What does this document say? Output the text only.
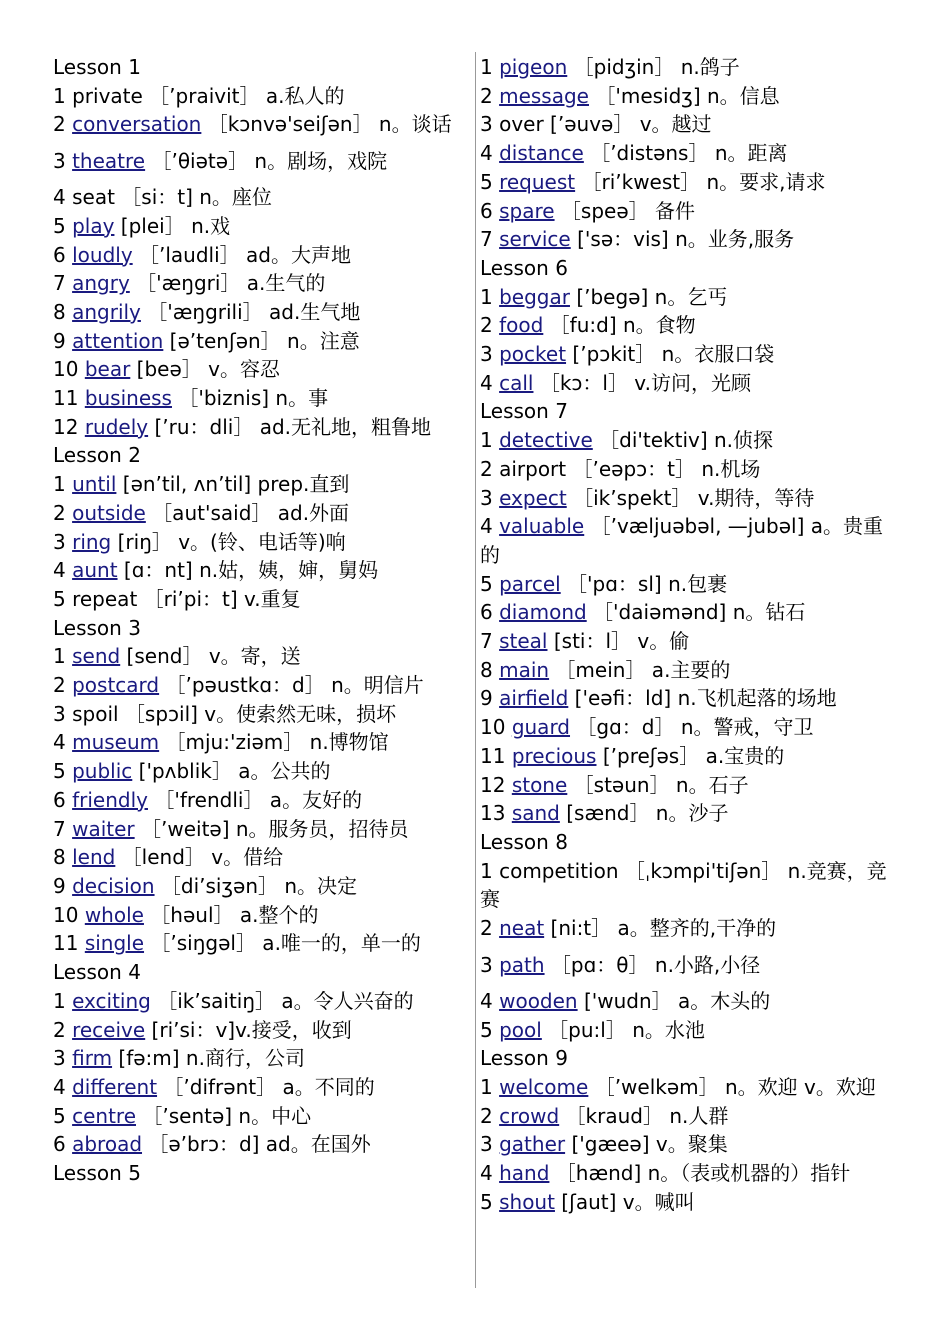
Lesson 1
1 private ［’praivit］ a.私人的
2 conversation ［kɔnvə'seiʃən］ n。谈话
3 theatre ［’θiətə］ n。剧场，戏院
4 seat ［si：t] n。座位
5 play [plei］ n.戏
6 loudly ［’laudli］ ad。大声地
7 angry ［'æŋgri］ a.生气的
8 angrily ［'æŋgrili］ ad.生气地
9 attention [ə’tenʃən］ n。注意
10 bear [beə］ v。容忍
11 business ［'biznis] n。事
12 rudely [’ru：dli］ ad.无礼地，粗鲁地
Lesson 2
1 until [ən’til, ʌn’til] prep.直到
2 outside ［aut'said］ ad.外面
3 ring [riŋ］ v。(铃、电话等)响
4 aunt [ɑ：nt] n.姑，姨，婶，舅妈
5 repeat ［ri’pi：t] v.重复
Lesson 3
1 send [send］ v。寄，送
2 postcard ［’pəustkɑ：d］ n。明信片
3 spoil ［spɔil] v。使索然无味，损坏
4 museum ［mju:'ziəm］ n.博物馆
5 public ['pʌblik］ a。公共的
6 friendly ［'frendli］ a。友好的
7 waiter ［’weitə] n。服务员，招待员
8 lend ［lend］ v。借给
9 decision ［di’siʒən］ n。决定
10 whole ［həul］ a.整个的
11 single ［’siŋgəl］ a.唯一的，单一的
Lesson 4
1 exciting ［ik’saitiŋ］ a。令人兴奋的
2 receive [ri’si：v]v.接受，收到
3 firm [fə:m] n.商行，公司
4 different ［’difrənt］ a。不同的
5 centre ［’sentə] n。中心
6 abroad ［ə’brɔ：d] ad。在国外
Lesson 5
1 pigeon ［pidʒin］ n.鸽子
2 message ［'mesidʒ] n。信息
3 over [’əuvə］ v。越过
4 distance ［’distəns］ n。距离
5 request ［ri’kwest］ n。要求,请求
6 spare ［speə］ 备件
7 service ['sə：vis] n。业务,服务
Lesson 6
1 beggar [’begə] n。乞丐
2 food ［fu:d] n。食物
3 pocket [’pɔkit］ n。衣服口袋
4 call ［kɔ：l］ v.访问，光顾
Lesson 7
1 detective ［di'tektiv] n.侦探
2 airport ［’eəpɔ：t］ n.机场
3 expect ［ik’spekt］ v.期待，等待
4 valuable ［’væljuəbəl, —jubəl] a。贵重的
5 parcel ［'pɑ：sl] n.包裹
6 diamond ［'daiəmənd] n。钻石
7 steal [sti：l］ v。偷
8 main ［mein］ a.主要的
9 airfield ['eəfi：ld] n.飞机起落的场地
10 guard ［gɑ：d］ n。警戒，守卫
11 precious [’preʃəs］ a.宝贵的
12 stone ［stəun］ n。石子
13 sand [sænd］ n。沙子
Lesson 8
1 competition ［ˌkɔmpi'tiʃən］ n.竞赛，竞赛
2 neat [ni:t］ a。整齐的,干净的
3 path ［pɑ：θ］ n.小路,小径
4 wooden ['wudn］ a。木头的
5 pool ［pu:l］ n。水池
Lesson 9
1 welcome ［’welkəm］ n。欢迎 v。欢迎
2 crowd ［kraud］ n.人群
3 gather ['gæeə] v。聚集
4 hand ［hænd] n。（表或机器的）指针
5 shout [ʃaut] v。喊叫
